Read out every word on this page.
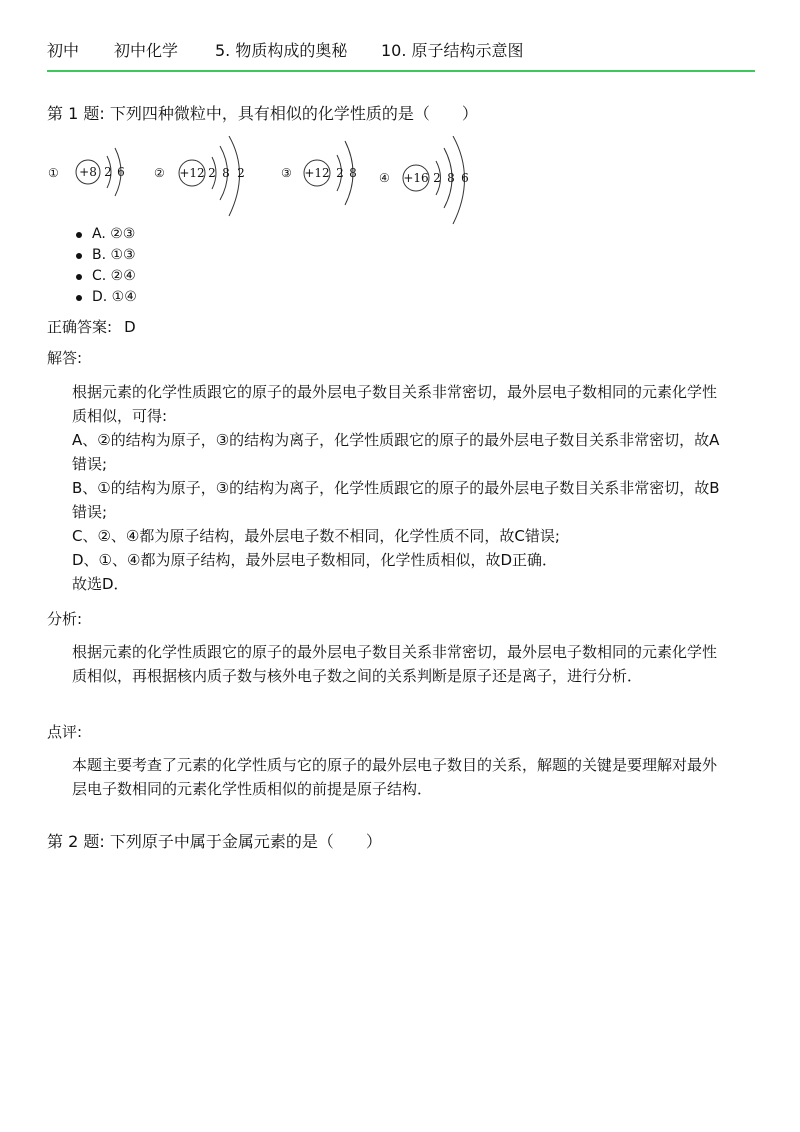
初中 初中化学 5. 物质构成的奥秘 10. 原子结构示意图
第 1 题: 下列四种微粒中，具有相似的化学性质的是（　　）
① +8 2 6 ② +12 2 8 2	③ +12 2 8 ④ +16 2 8 6
A. ②③
B. ①③
C. ②④
D. ①④
正确答案: D
解答:

根据元素的化学性质跟它的原子的最外层电子数目关系非常密切，最外层电子数相同的元素化学性质相似，可得:

A、②的结构为原子，③的结构为离子，化学性质跟它的原子的最外层电子数目关系非常密切，故A错误;

B、①的结构为原子，③的结构为离子，化学性质跟它的原子的最外层电子数目关系非常密切，故B错误;

C、②、④都为原子结构，最外层电子数不相同，化学性质不同，故C错误;

D、①、④都为原子结构，最外层电子数相同，化学性质相似，故D正确．

故选D．

分析:

根据元素的化学性质跟它的原子的最外层电子数目关系非常密切，最外层电子数相同的元素化学性质相似，再根据核内质子数与核外电子数之间的关系判断是原子还是离子，进行分析．

点评:

本题主要考查了元素的化学性质与它的原子的最外层电子数目的关系，解题的关键是要理解对最外层电子数相同的元素化学性质相似的前提是原子结构．

第 2 题: 下列原子中属于金属元素的是（　　）
